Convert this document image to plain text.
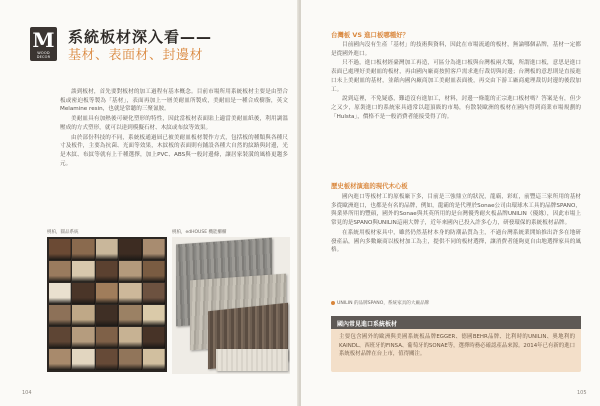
M
WOOD DECOR
系統板材深入看——
基材、表面材、封邊材

談到板材，首先要對板材的加工過程有基本概念。目前市場所用系統板材主要是由塑合板或密迫板等製為「基材」，表面再加上一層美耐皿所製成，美耐皿是一種合成樹脂，英文Melamine resin，也就是常聽的三聚氰胺。

美耐皿具有加熱後可硬化塑形的特性，因此當板材表面貼上適當美耐皿紙後，利用調溫壓成的方式塑形，就可以達到模擬石材、木紋或布紋等效果。

由於部份科技的不同，系統板通過屆已被美耐皿板材製作方式，包括板的種類與各種尺寸及板件，主要為抗菌、光面等效果，木紋板的表面則有鋪設各種大自然的紋路與封邊，光是木紋、布紋等就有上千種選擇，加上PVC、ABS與一般封邊條，讓居家裝潢的風格更趨多元。

桃柏，圓品系統	桃柏，edHOUSE 機能櫃櫃
104	105
台灣板 VS 進口板哪種好？

目前國內沒有生產「基材」的技術與資料，因此在市場流通的板材，無論哪個品牌，基材一定都是從國外進口。

只不過，進口板材經臺灣加工再造，可區分為進口板與台灣板兩大類，所謂進口板，意思是進口表面已處理好美耐皿的板材，再由國內廠商按照客戶需求進行裁切與封邊；台灣板的意思則是直接進口未上美耐皿的基材，並藉內國內廠商加工美耐皿表面後，再交由下游工廠商處理裁切封邊的後段加工。

說到這裡，不免疑惑，難道沒有進加工，材料，封邊一條龍的正宗進口板材嗎？答案是有，但少之又少，原裝進口的系統家具通常以超頂級的市場，有散裝歐洲的板材在國內得到商業市場規劃的「Hulsta」，價格不是一般消費者能接受得了的。

歷史板材演進的現代木心板

國內進口等板材工的原板廠下多，目前是三強鼎立的狀況，龍霸，彩虹，前豐這三家所用的基材多從歐洲進口，也都是有名的品牌，例如，龍霸的是代理於Sonae公司由環球木工具的品牌SPANO，與業界所用的豐碩，國外的Sonae與其英所用的是台灣優秀耐火板品牌UNILIN（優緣），因此市場上常見的是SPANO與UNILIN這兩大牌子，近年來國內已投入許多心力，研發環保的系統板材品牌。

在系統用板材家具中，雖然仍然基材本身的防潮品質為主，不過台灣系統業開始推出許多在地研發產品，國內多數廠商以板材加工為主，提供不同的板材選擇，讓消費者能夠更自由地選擇家具的風格。

UNILIN 的品牌SPANO，系統家具的大廠品牌
國內常見進口系統板材
主要包含國外的歐洲與美國系統板品牌EGGER、德國BEHR品牌、比利時的UNILIN、奧地利的KAINDL、西班牙的FINSA、葡萄牙的SONAE等，選擇時務必確認產品來源。2014年已有新的進口系統板材品牌在台上市，值得關注。
